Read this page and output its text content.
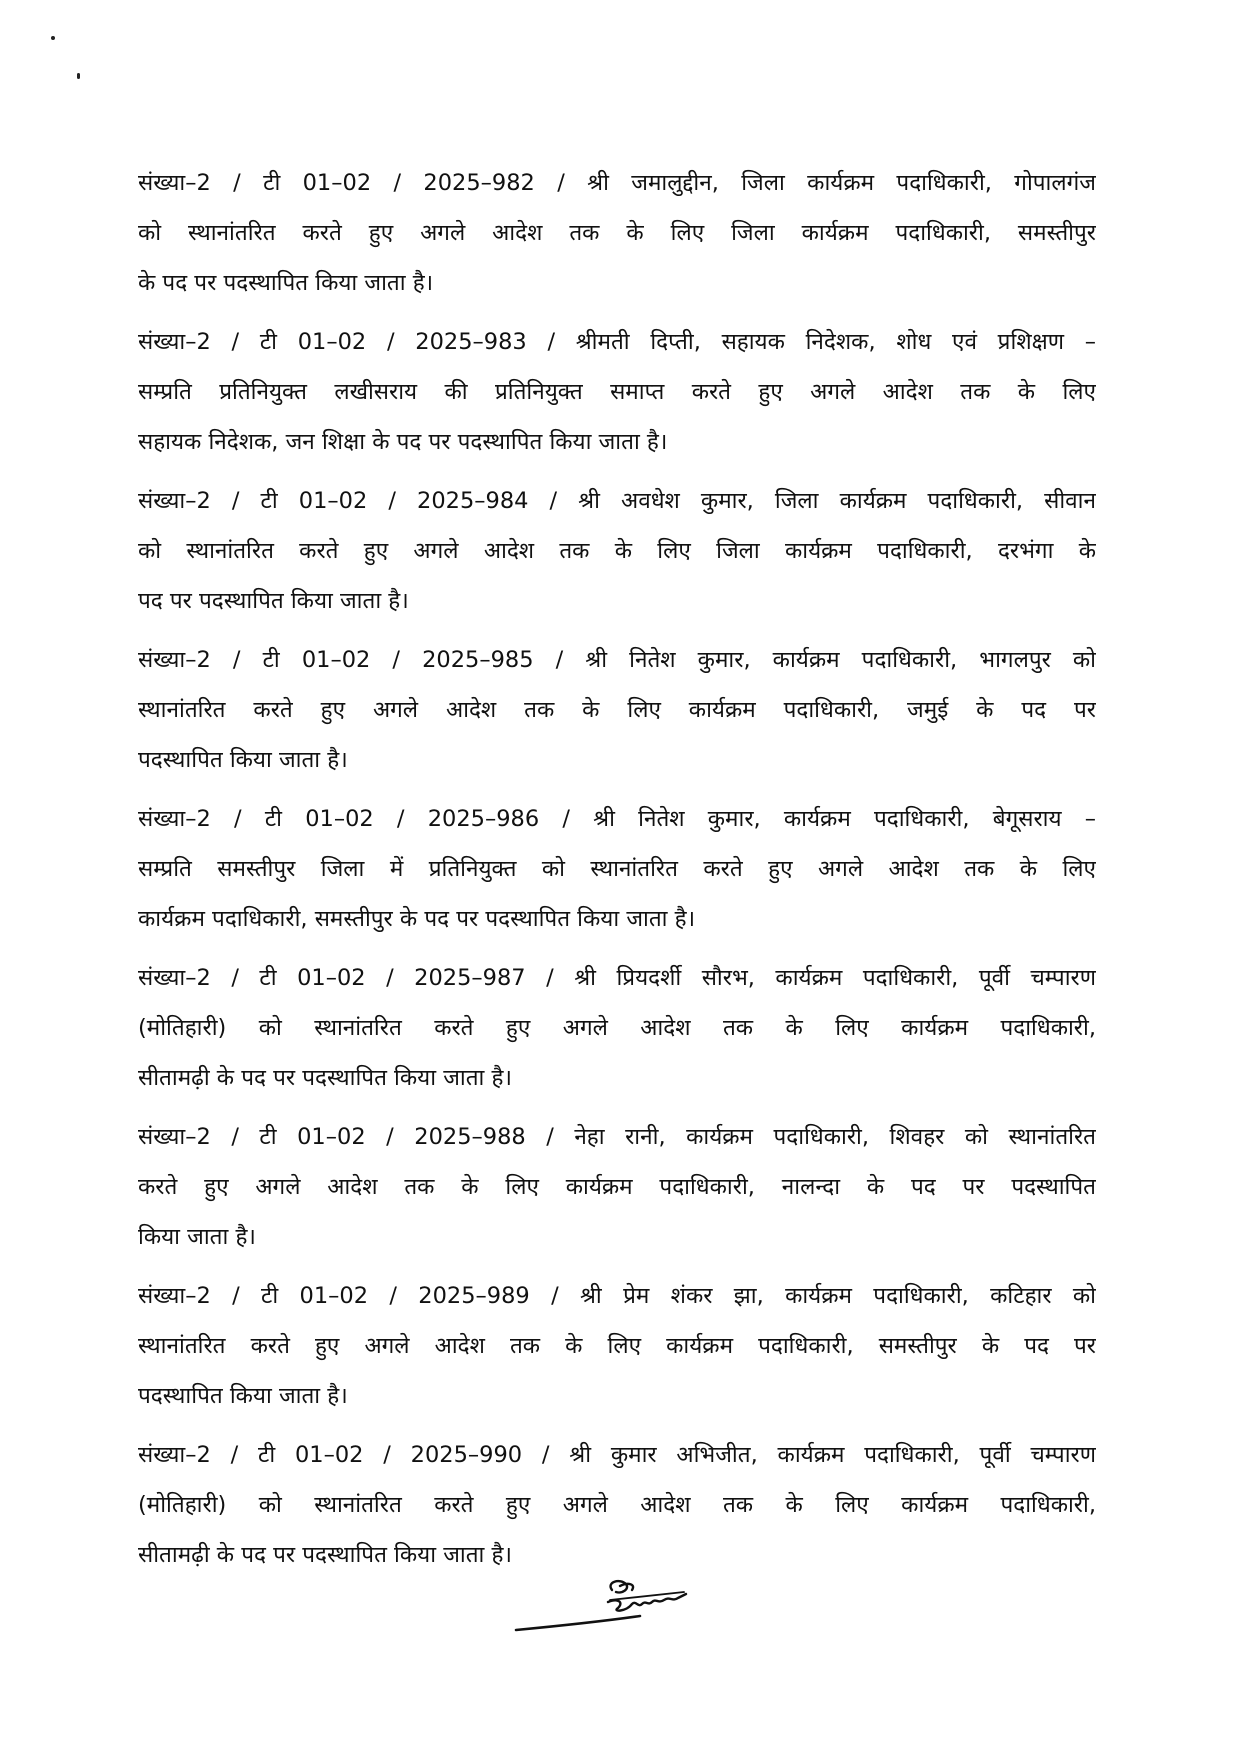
संख्या–2 / टी 01–02 / 2025–982 / श्री जमालुद्दीन, जिला कार्यक्रम पदाधिकारी, गोपालगंज
को स्थानांतरित करते हुए अगले आदेश तक के लिए जिला कार्यक्रम पदाधिकारी, समस्तीपुर
के पद पर पदस्थापित किया जाता है।
संख्या–2 / टी 01–02 / 2025–983 / श्रीमती दिप्ती, सहायक निदेशक, शोध एवं प्रशिक्षण –
सम्प्रति प्रतिनियुक्त लखीसराय की प्रतिनियुक्त समाप्त करते हुए अगले आदेश तक के लिए
सहायक निदेशक, जन शिक्षा के पद पर पदस्थापित किया जाता है।
संख्या–2 / टी 01–02 / 2025–984 / श्री अवधेश कुमार, जिला कार्यक्रम पदाधिकारी, सीवान
को स्थानांतरित करते हुए अगले आदेश तक के लिए जिला कार्यक्रम पदाधिकारी, दरभंगा के
पद पर पदस्थापित किया जाता है।
संख्या–2 / टी 01–02 / 2025–985 / श्री नितेश कुमार, कार्यक्रम पदाधिकारी, भागलपुर को
स्थानांतरित करते हुए अगले आदेश तक के लिए कार्यक्रम पदाधिकारी, जमुई के पद पर
पदस्थापित किया जाता है।
संख्या–2 / टी 01–02 / 2025–986 / श्री नितेश कुमार, कार्यक्रम पदाधिकारी, बेगूसराय –
सम्प्रति समस्तीपुर जिला में प्रतिनियुक्त को स्थानांतरित करते हुए अगले आदेश तक के लिए
कार्यक्रम पदाधिकारी, समस्तीपुर के पद पर पदस्थापित किया जाता है।
संख्या–2 / टी 01–02 / 2025–987 / श्री प्रियदर्शी सौरभ, कार्यक्रम पदाधिकारी, पूर्वी चम्पारण
(मोतिहारी) को स्थानांतरित करते हुए अगले आदेश तक के लिए कार्यक्रम पदाधिकारी,
सीतामढ़ी के पद पर पदस्थापित किया जाता है।
संख्या–2 / टी 01–02 / 2025–988 / नेहा रानी, कार्यक्रम पदाधिकारी, शिवहर को स्थानांतरित
करते हुए अगले आदेश तक के लिए कार्यक्रम पदाधिकारी, नालन्दा के पद पर पदस्थापित
किया जाता है।
संख्या–2 / टी 01–02 / 2025–989 / श्री प्रेम शंकर झा, कार्यक्रम पदाधिकारी, कटिहार को
स्थानांतरित करते हुए अगले आदेश तक के लिए कार्यक्रम पदाधिकारी, समस्तीपुर के पद पर
पदस्थापित किया जाता है।
संख्या–2 / टी 01–02 / 2025–990 / श्री कुमार अभिजीत, कार्यक्रम पदाधिकारी, पूर्वी चम्पारण
(मोतिहारी) को स्थानांतरित करते हुए अगले आदेश तक के लिए कार्यक्रम पदाधिकारी,
सीतामढ़ी के पद पर पदस्थापित किया जाता है।
